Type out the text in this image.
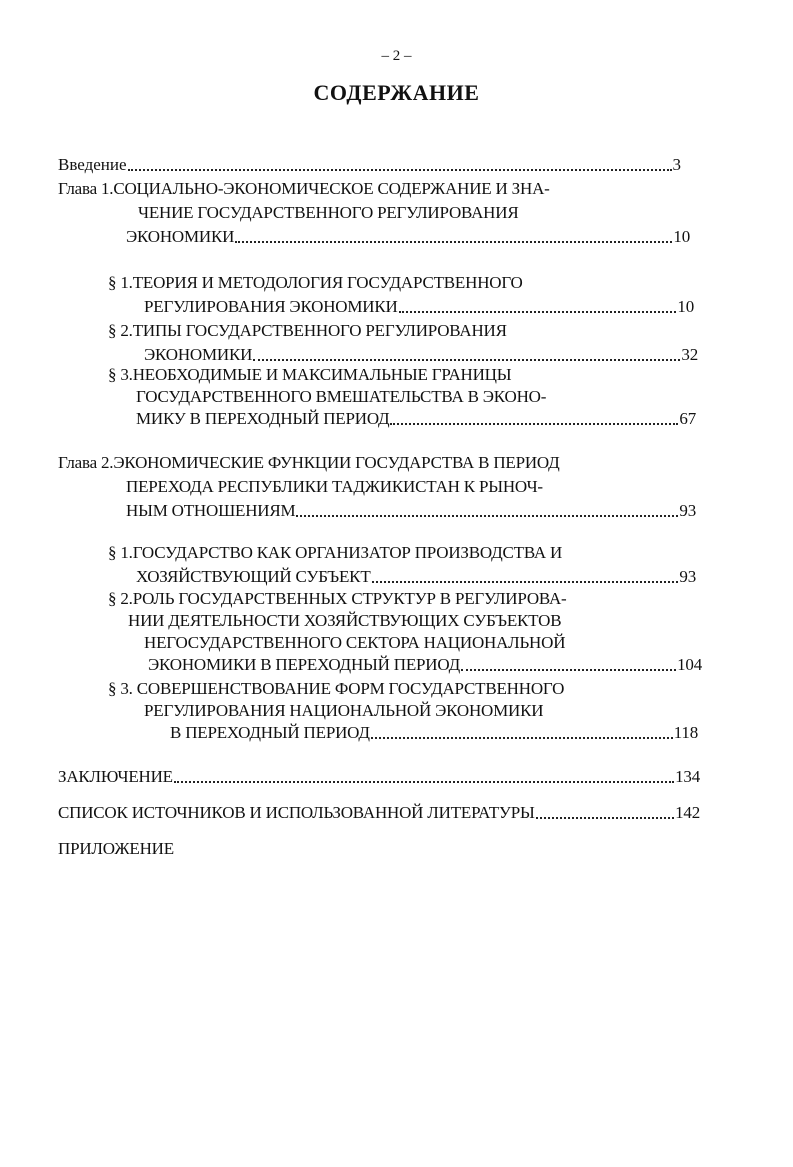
– 2 –
СОДЕРЖАНИЕ
Введение	3
Глава 1.СОЦИАЛЬНО-ЭКОНОМИЧЕСКОЕ СОДЕРЖАНИЕ И ЗНА-
ЧЕНИЕ ГОСУДАРСТВЕННОГО РЕГУЛИРОВАНИЯ
ЭКОНОМИКИ	10
§ 1.ТЕОРИЯ И МЕТОДОЛОГИЯ ГОСУДАРСТВЕННОГО
РЕГУЛИРОВАНИЯ ЭКОНОМИКИ	10
§ 2.ТИПЫ ГОСУДАРСТВЕННОГО РЕГУЛИРОВАНИЯ
ЭКОНОМИКИ	32
§ 3.НЕОБХОДИМЫЕ И МАКСИМАЛЬНЫЕ ГРАНИЦЫ
ГОСУДАРСТВЕННОГО ВМЕШАТЕЛЬСТВА В ЭКОНО-
МИКУ В ПЕРЕХОДНЫЙ ПЕРИОД	67
Глава 2.ЭКОНОМИЧЕСКИЕ ФУНКЦИИ ГОСУДАРСТВА В ПЕРИОД
ПЕРЕХОДА РЕСПУБЛИКИ ТАДЖИКИСТАН К РЫНОЧ-
НЫМ ОТНОШЕНИЯМ	93
§ 1.ГОСУДАРСТВО КАК ОРГАНИЗАТОР ПРОИЗВОДСТВА И
ХОЗЯЙСТВУЮЩИЙ СУБЪЕКТ	93
§ 2.РОЛЬ ГОСУДАРСТВЕННЫХ СТРУКТУР В РЕГУЛИРОВА-
НИИ ДЕЯТЕЛЬНОСТИ ХОЗЯЙСТВУЮЩИХ СУБЪЕКТОВ
НЕГОСУДАРСТВЕННОГО СЕКТОРА НАЦИОНАЛЬНОЙ
ЭКОНОМИКИ В ПЕРЕХОДНЫЙ ПЕРИОД	104
§ 3. СОВЕРШЕНСТВОВАНИЕ ФОРМ ГОСУДАРСТВЕННОГО
РЕГУЛИРОВАНИЯ НАЦИОНАЛЬНОЙ ЭКОНОМИКИ
В ПЕРЕХОДНЫЙ ПЕРИОД	118
ЗАКЛЮЧЕНИЕ	134
СПИСОК ИСТОЧНИКОВ И ИСПОЛЬЗОВАННОЙ ЛИТЕРАТУРЫ	142
ПРИЛОЖЕНИЕ
